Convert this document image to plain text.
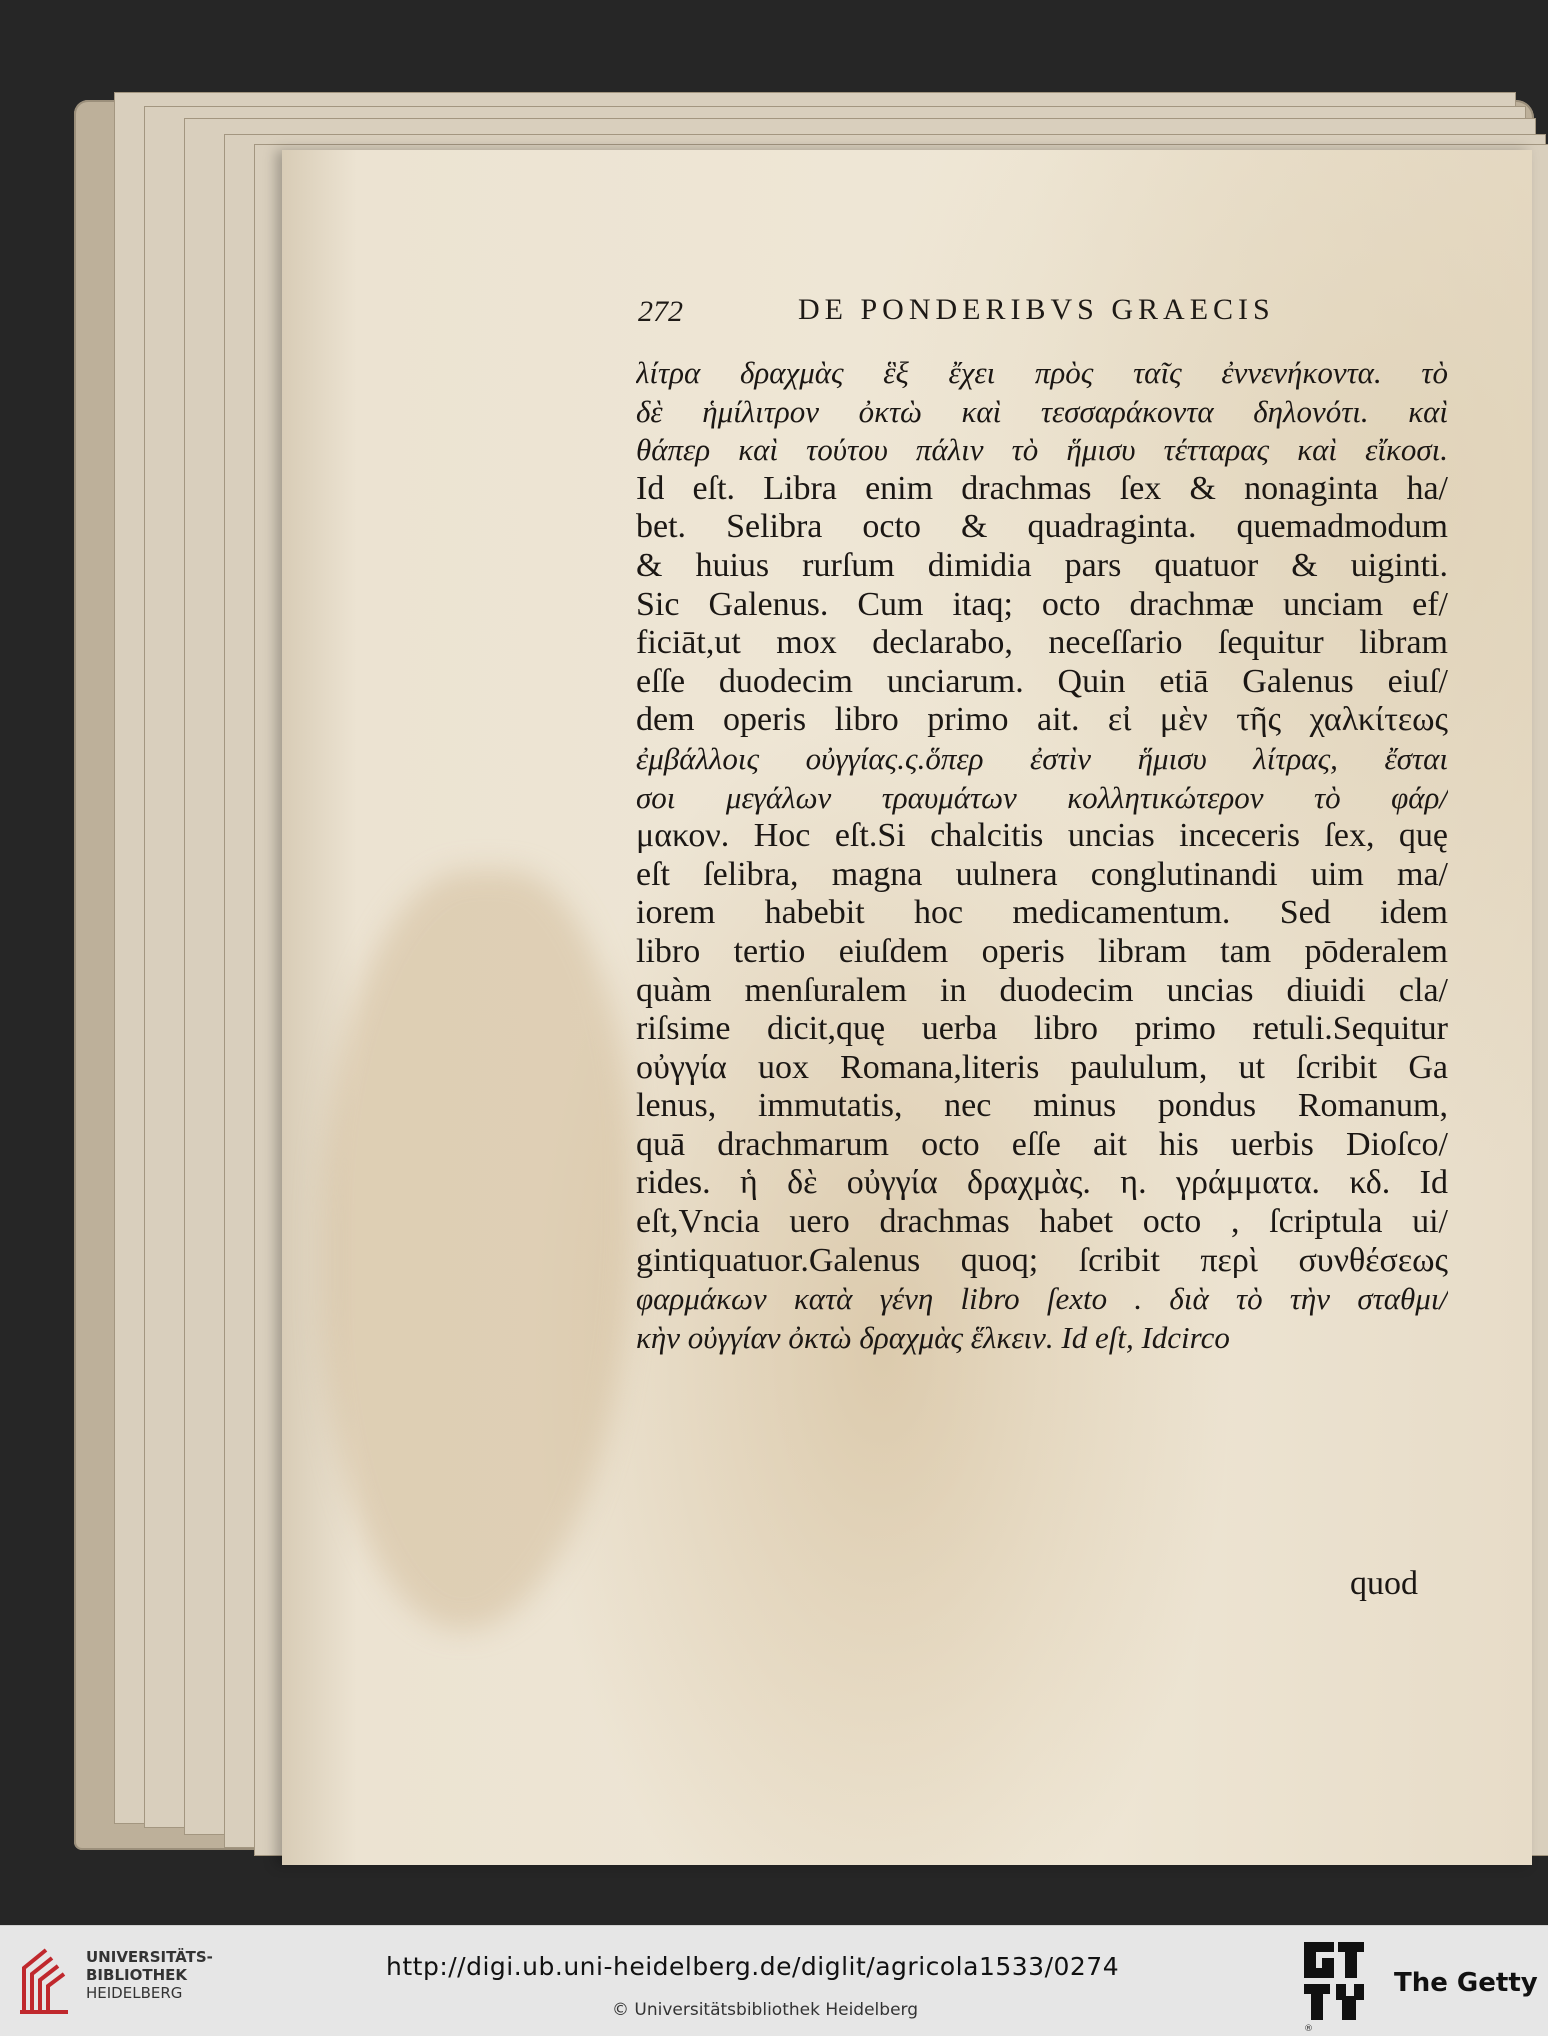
272	DE PONDERIBVS GRAECIS
λίτρα δραχμὰς ἓξ ἔχει πρὸς ταῖς ἐννενήκοντα. τὸ
δὲ ἡμίλιτρον ὀκτὼ καὶ τεσσαράκοντα δηλονότι. καὶ
θάπερ καὶ τούτου πάλιν τὸ ἥμισυ τέτταρας καὶ εἴκοσι.
Id eſt. Libra enim drachmas ſex & nonaginta ha/
bet. Selibra octo & quadraginta. quemadmodum
& huius rurſum dimidia pars quatuor & uiginti.
Sic Galenus. Cum itaq; octo drachmæ unciam ef/
ficiāt,ut mox declarabo, neceſſario ſequitur libram
eſſe duodecim unciarum. Quin etiā Galenus eiuſ/
dem operis libro primo ait. εἰ μὲν τῆς χαλκίτεως
ἐμβάλλοις οὐγγίας.ς.ὅπερ ἐστὶν ἥμισυ λίτρας, ἔσται
σοι μεγάλων τραυμάτων κολλητικώτερον τὸ φάρ/
μακον. Hoc eſt.Si chalcitis uncias inceceris ſex, quę
eſt ſelibra, magna uulnera conglutinandi uim ma/
iorem habebit hoc medicamentum. Sed idem
libro tertio eiuſdem operis libram tam pōderalem
quàm menſuralem in duodecim uncias diuidi cla/
riſsime dicit,quę uerba libro primo retuli.Sequitur
οὐγγία uox Romana,literis paululum, ut ſcribit Ga
lenus, immutatis, nec minus pondus Romanum,
quā drachmarum octo eſſe ait his uerbis Dioſco/
rides. ἡ δὲ οὐγγία δραχμὰς. η. γράμματα. κδ. Id
eſt,Vncia uero drachmas habet octo , ſcriptula ui/
gintiquatuor.Galenus quoq; ſcribit περὶ συνθέσεως
φαρμάκων κατὰ γένη libro ſexto . διὰ τὸ τὴν σταθμι/
κὴν οὐγγίαν ὀκτὼ δραχμὰς ἕλκειν. Id eſt, Idcirco
quod
UNIVERSITÄTS-
BIBLIOTHEK
HEIDELBERG
http://digi.ub.uni-heidelberg.de/diglit/agricola1533/0274
© Universitätsbibliothek Heidelberg
®
The Getty
